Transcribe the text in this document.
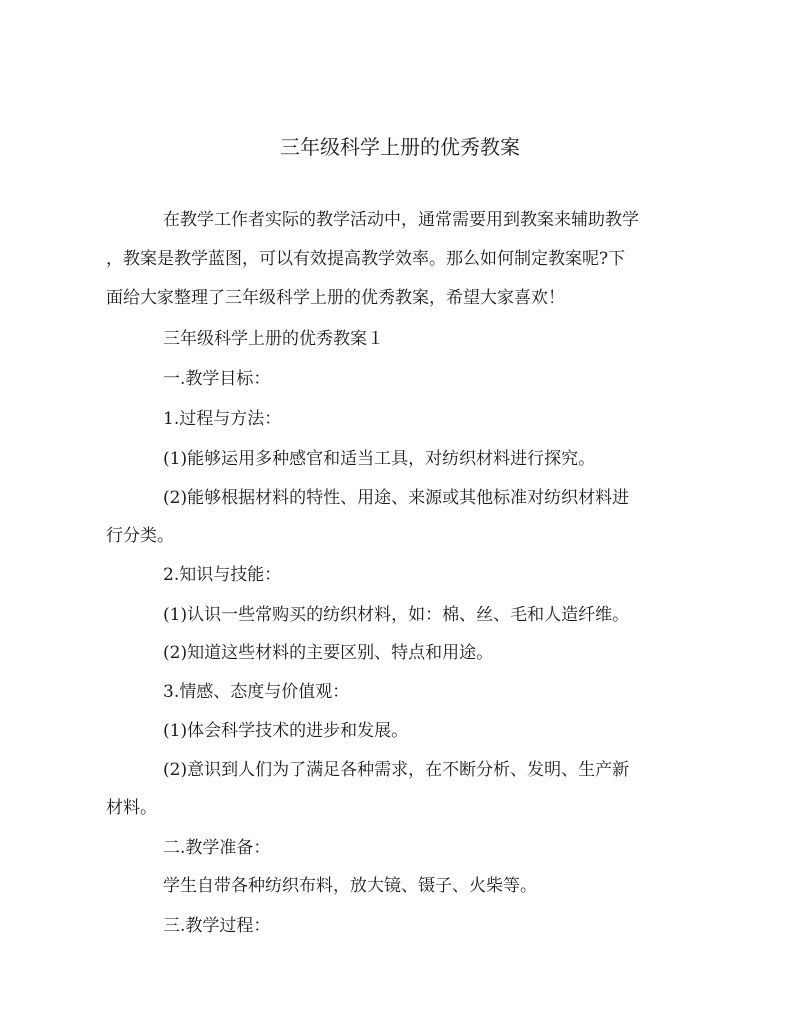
三年级科学上册的优秀教案
在教学工作者实际的教学活动中，通常需要用到教案来辅助教学
，教案是教学蓝图，可以有效提高教学效率。那么如何制定教案呢?下
面给大家整理了三年级科学上册的优秀教案，希望大家喜欢！
三年级科学上册的优秀教案１
一.教学目标：
1.过程与方法：
(1)能够运用多种感官和适当工具，对纺织材料进行探究。
(2)能够根据材料的特性、用途、来源或其他标准对纺织材料进
行分类。
2.知识与技能：
(1)认识一些常购买的纺织材料，如：棉、丝、毛和人造纤维。
(2)知道这些材料的主要区别、特点和用途。
3.情感、态度与价值观：
(1)体会科学技术的进步和发展。
(2)意识到人们为了满足各种需求，在不断分析、发明、生产新
材料。
二.教学准备：
学生自带各种纺织布料，放大镜、镊子、火柴等。
三.教学过程：
